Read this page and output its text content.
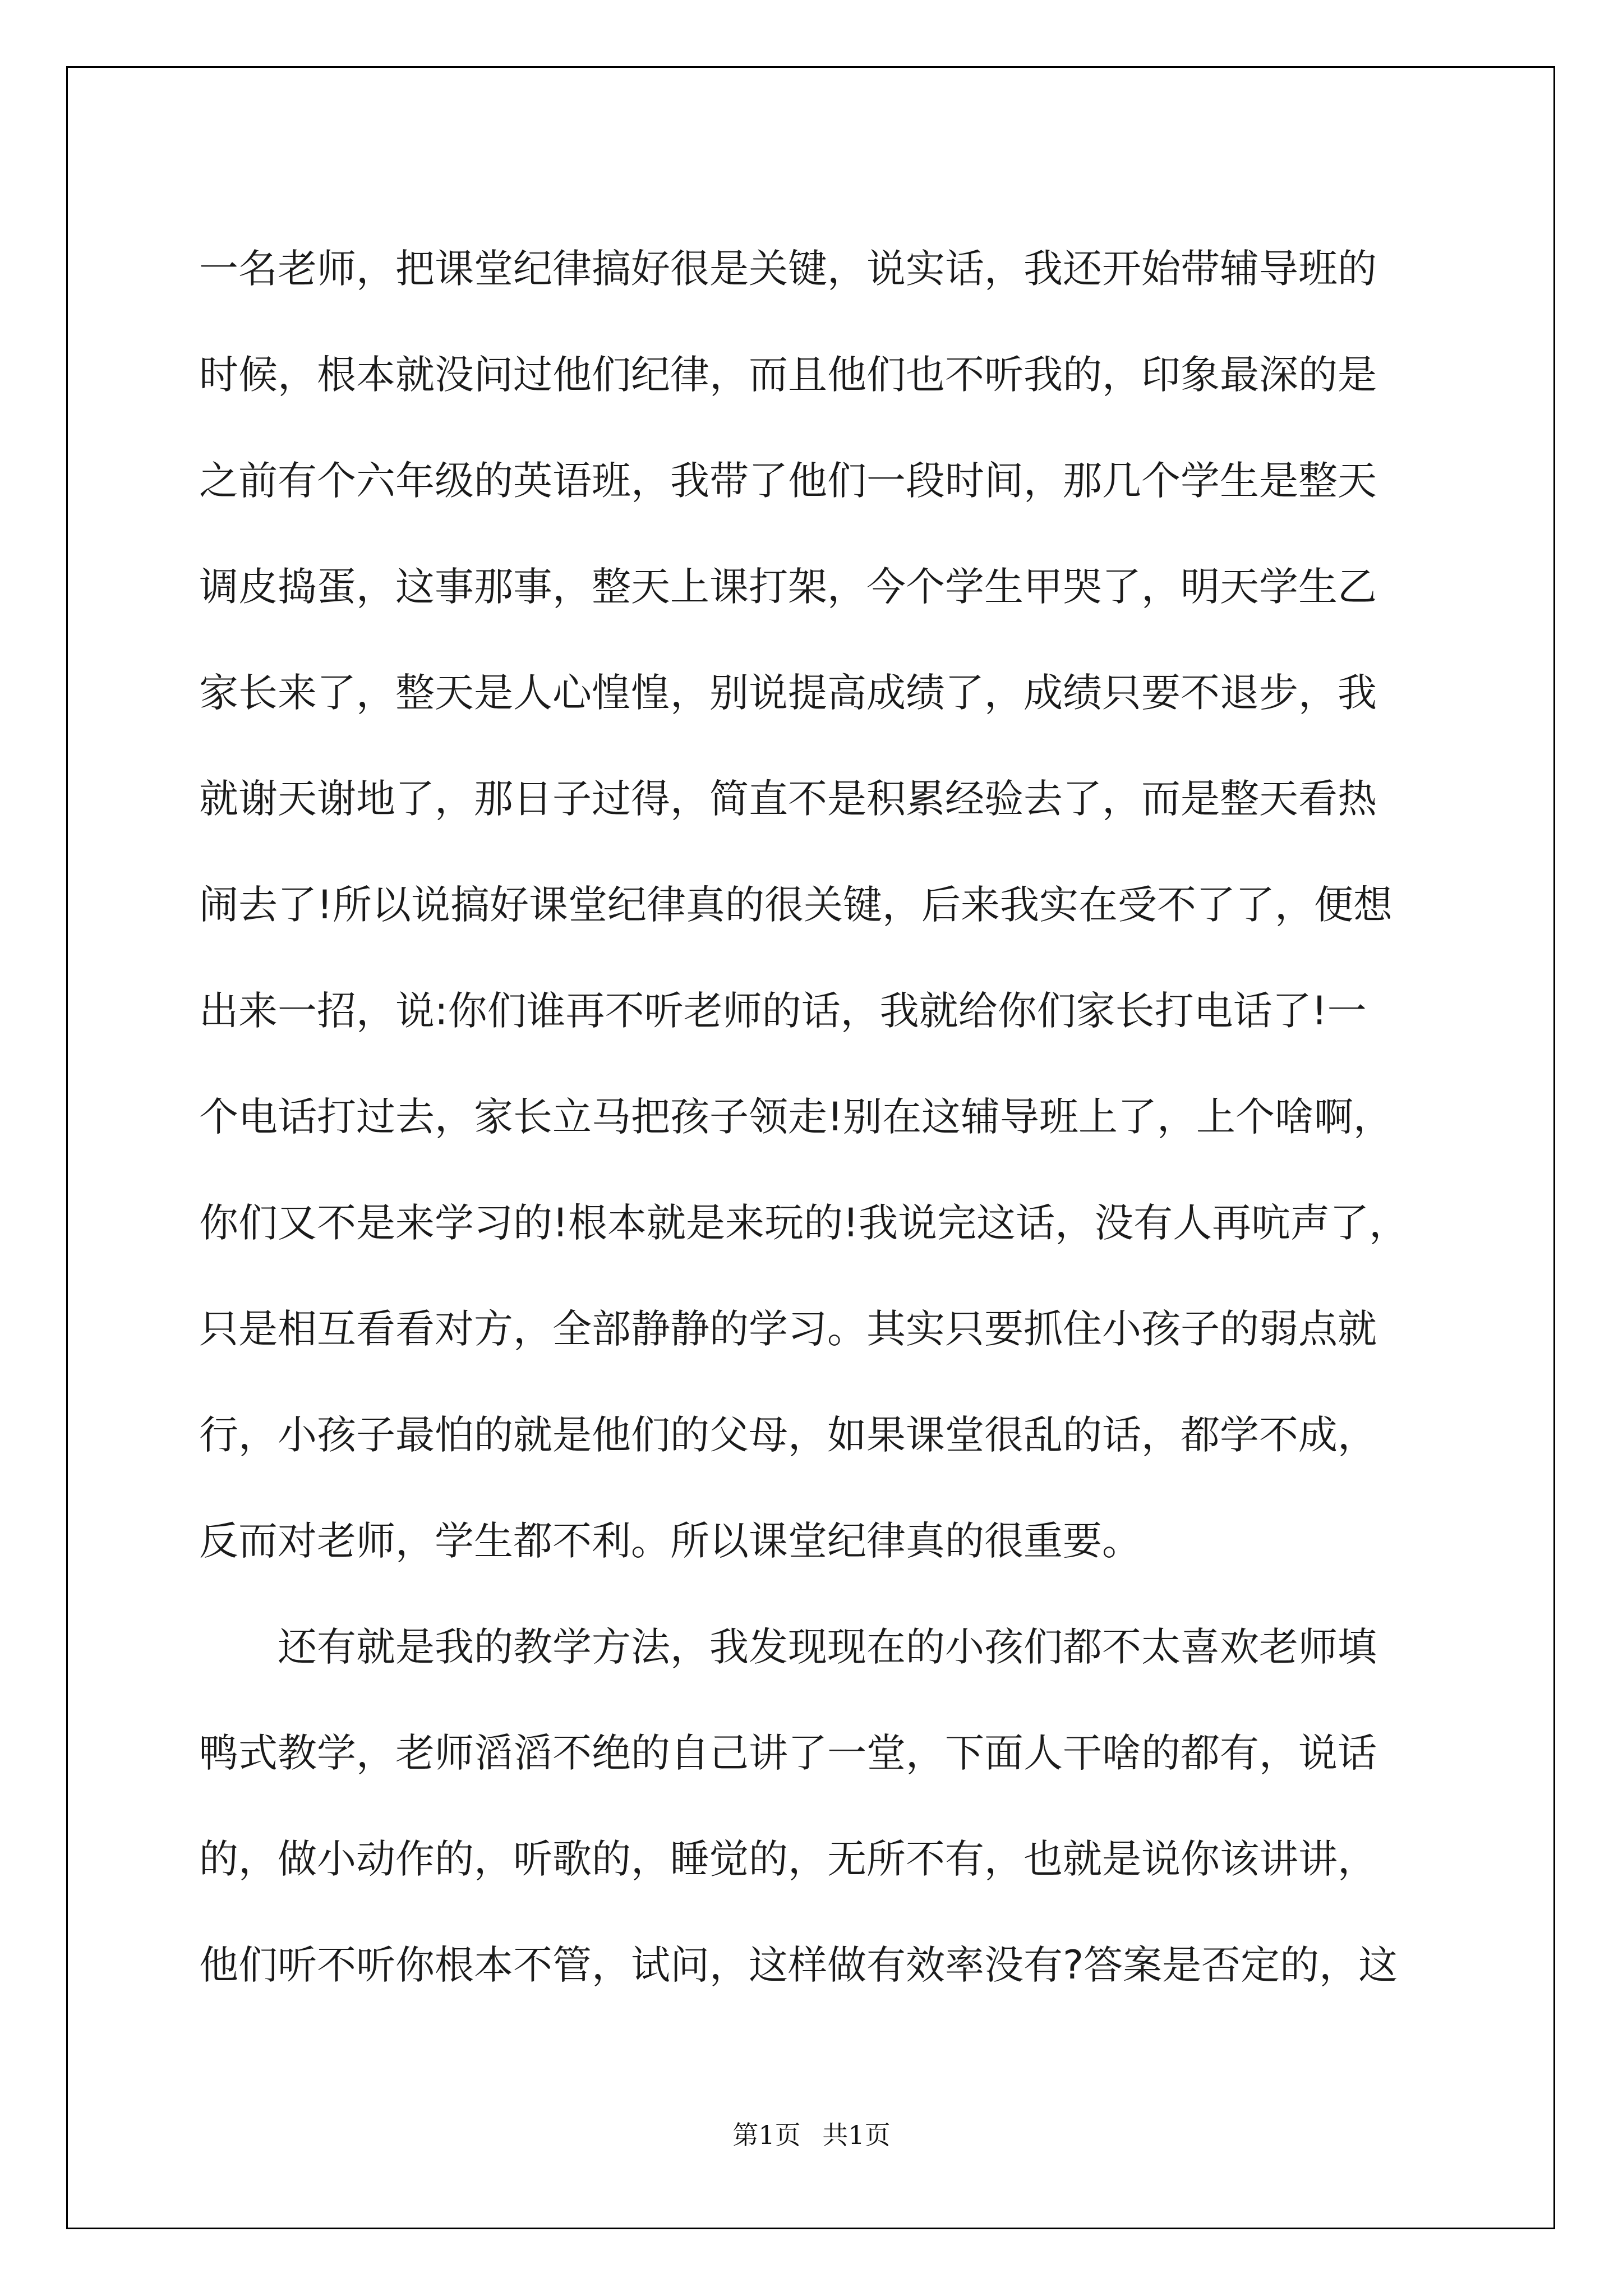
一名老师，把课堂纪律搞好很是关键，说实话，我还开始带辅导班的

时候，根本就没问过他们纪律，而且他们也不听我的，印象最深的是

之前有个六年级的英语班，我带了他们一段时间，那几个学生是整天

调皮捣蛋，这事那事，整天上课打架，今个学生甲哭了，明天学生乙

家长来了，整天是人心惶惶，别说提高成绩了，成绩只要不退步，我

就谢天谢地了，那日子过得，简直不是积累经验去了，而是整天看热

闹去了!所以说搞好课堂纪律真的很关键，后来我实在受不了了，便想

出来一招，说:你们谁再不听老师的话，我就给你们家长打电话了!一

个电话打过去，家长立马把孩子领走!别在这辅导班上了，上个啥啊，

你们又不是来学习的!根本就是来玩的!我说完这话，没有人再吭声了，

只是相互看看对方，全部静静的学习。其实只要抓住小孩子的弱点就

行，小孩子最怕的就是他们的父母，如果课堂很乱的话，都学不成，

反而对老师，学生都不利。所以课堂纪律真的很重要。

　　还有就是我的教学方法，我发现现在的小孩们都不太喜欢老师填

鸭式教学，老师滔滔不绝的自己讲了一堂，下面人干啥的都有，说话

的，做小动作的，听歌的，睡觉的，无所不有，也就是说你该讲讲，

他们听不听你根本不管，试问，这样做有效率没有?答案是否定的，这

第1页 共1页
